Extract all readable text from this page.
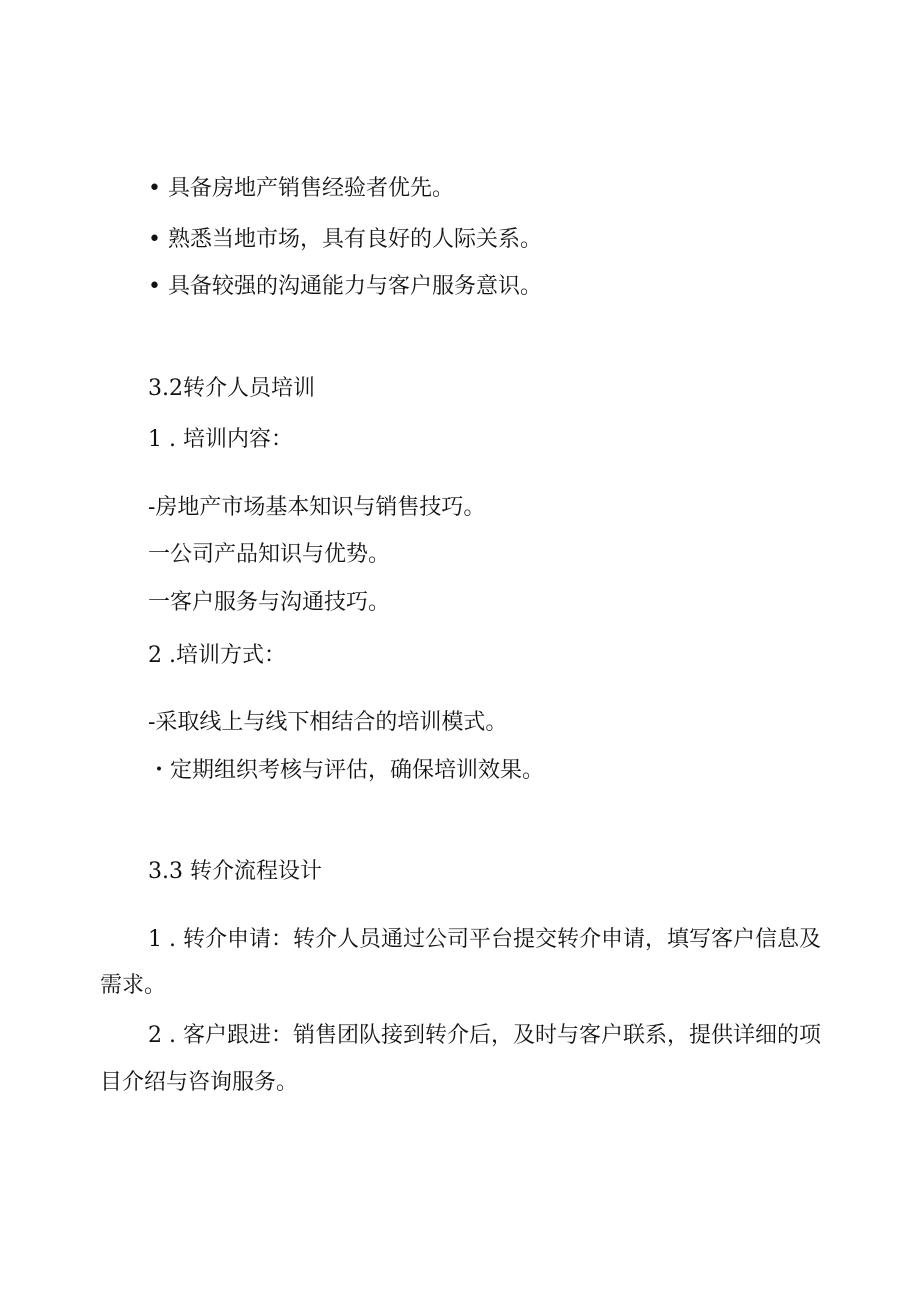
• 具备房地产销售经验者优先。
• 熟悉当地市场，具有良好的人际关系。
• 具备较强的沟通能力与客户服务意识。
3.2转介人员培训
1 . 培训内容：
-房地产市场基本知识与销售技巧。
一公司产品知识与优势。
一客户服务与沟通技巧。
2 .培训方式：
-采取线上与线下相结合的培训模式。
・定期组织考核与评估，确保培训效果。
3.3 转介流程设计
1 . 转介申请：转介人员通过公司平台提交转介申请，填写客户信息及
需求。
2 . 客户跟进：销售团队接到转介后，及时与客户联系，提供详细的项
目介绍与咨询服务。
